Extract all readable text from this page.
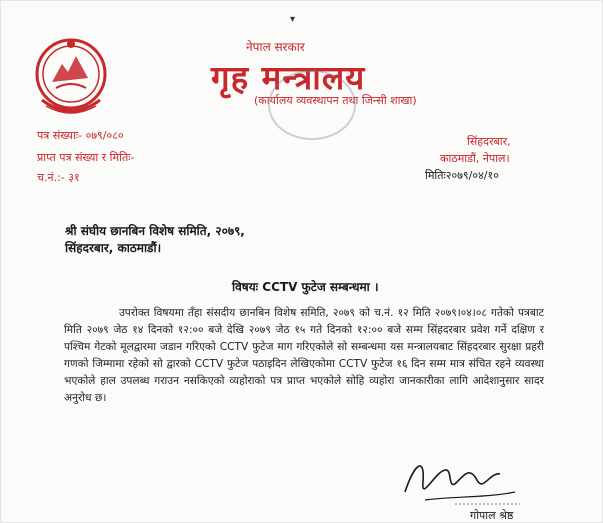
▾
नेपाल सरकार
गृह मन्त्रालय
(कार्यालय व्यवस्थापन तथा जिन्सी शाखा)
पत्र संख्याः- ०७९/०८०
प्राप्त पत्र संख्या र मितिः-
च.नं.:- ३१
सिंहदरबार,
काठमाडौं, नेपाल।
मितिः२०७९/०४/१०
श्री संघीय छानबिन विशेष समिति, २०७९,
सिंहदरबार, काठमाडौं।
विषयः CCTV फुटेज सम्बन्धमा ।
उपरोक्त विषयमा तँहा संसदीय छानबिन विशेष समिति, २०७९ को च.नं. १२ मिति २०७९।०४।०८ गतेको पत्रबाट मिति २०७९ जेठ १४ दिनको १२:०० बजे देखि २०७९ जेठ १५ गते दिनको १२:०० बजे सम्म सिंहदरबार प्रवेश गर्ने दक्षिण र पश्चिम गेटको मूलद्वारमा जडान गरिएको CCTV फुटेज माग गरिएकोले सो सम्बन्धमा यस मन्त्रालयबाट सिंहदरबार सुरक्षा प्रहरी गणको जिम्मामा रहेको सो द्वारको CCTV फुटेज पठाइदिन लेखिएकोमा CCTV फुटेज १६ दिन सम्म मात्र संचित रहने व्यवस्था भएकोले हाल उपलब्ध गराउन नसकिएको व्यहोराको पत्र प्राप्त भएकोले सोहि व्यहोरा जानकारीका लागि आदेशानुसार सादर अनुरोध छ।
गोपाल श्रेष्ठ
